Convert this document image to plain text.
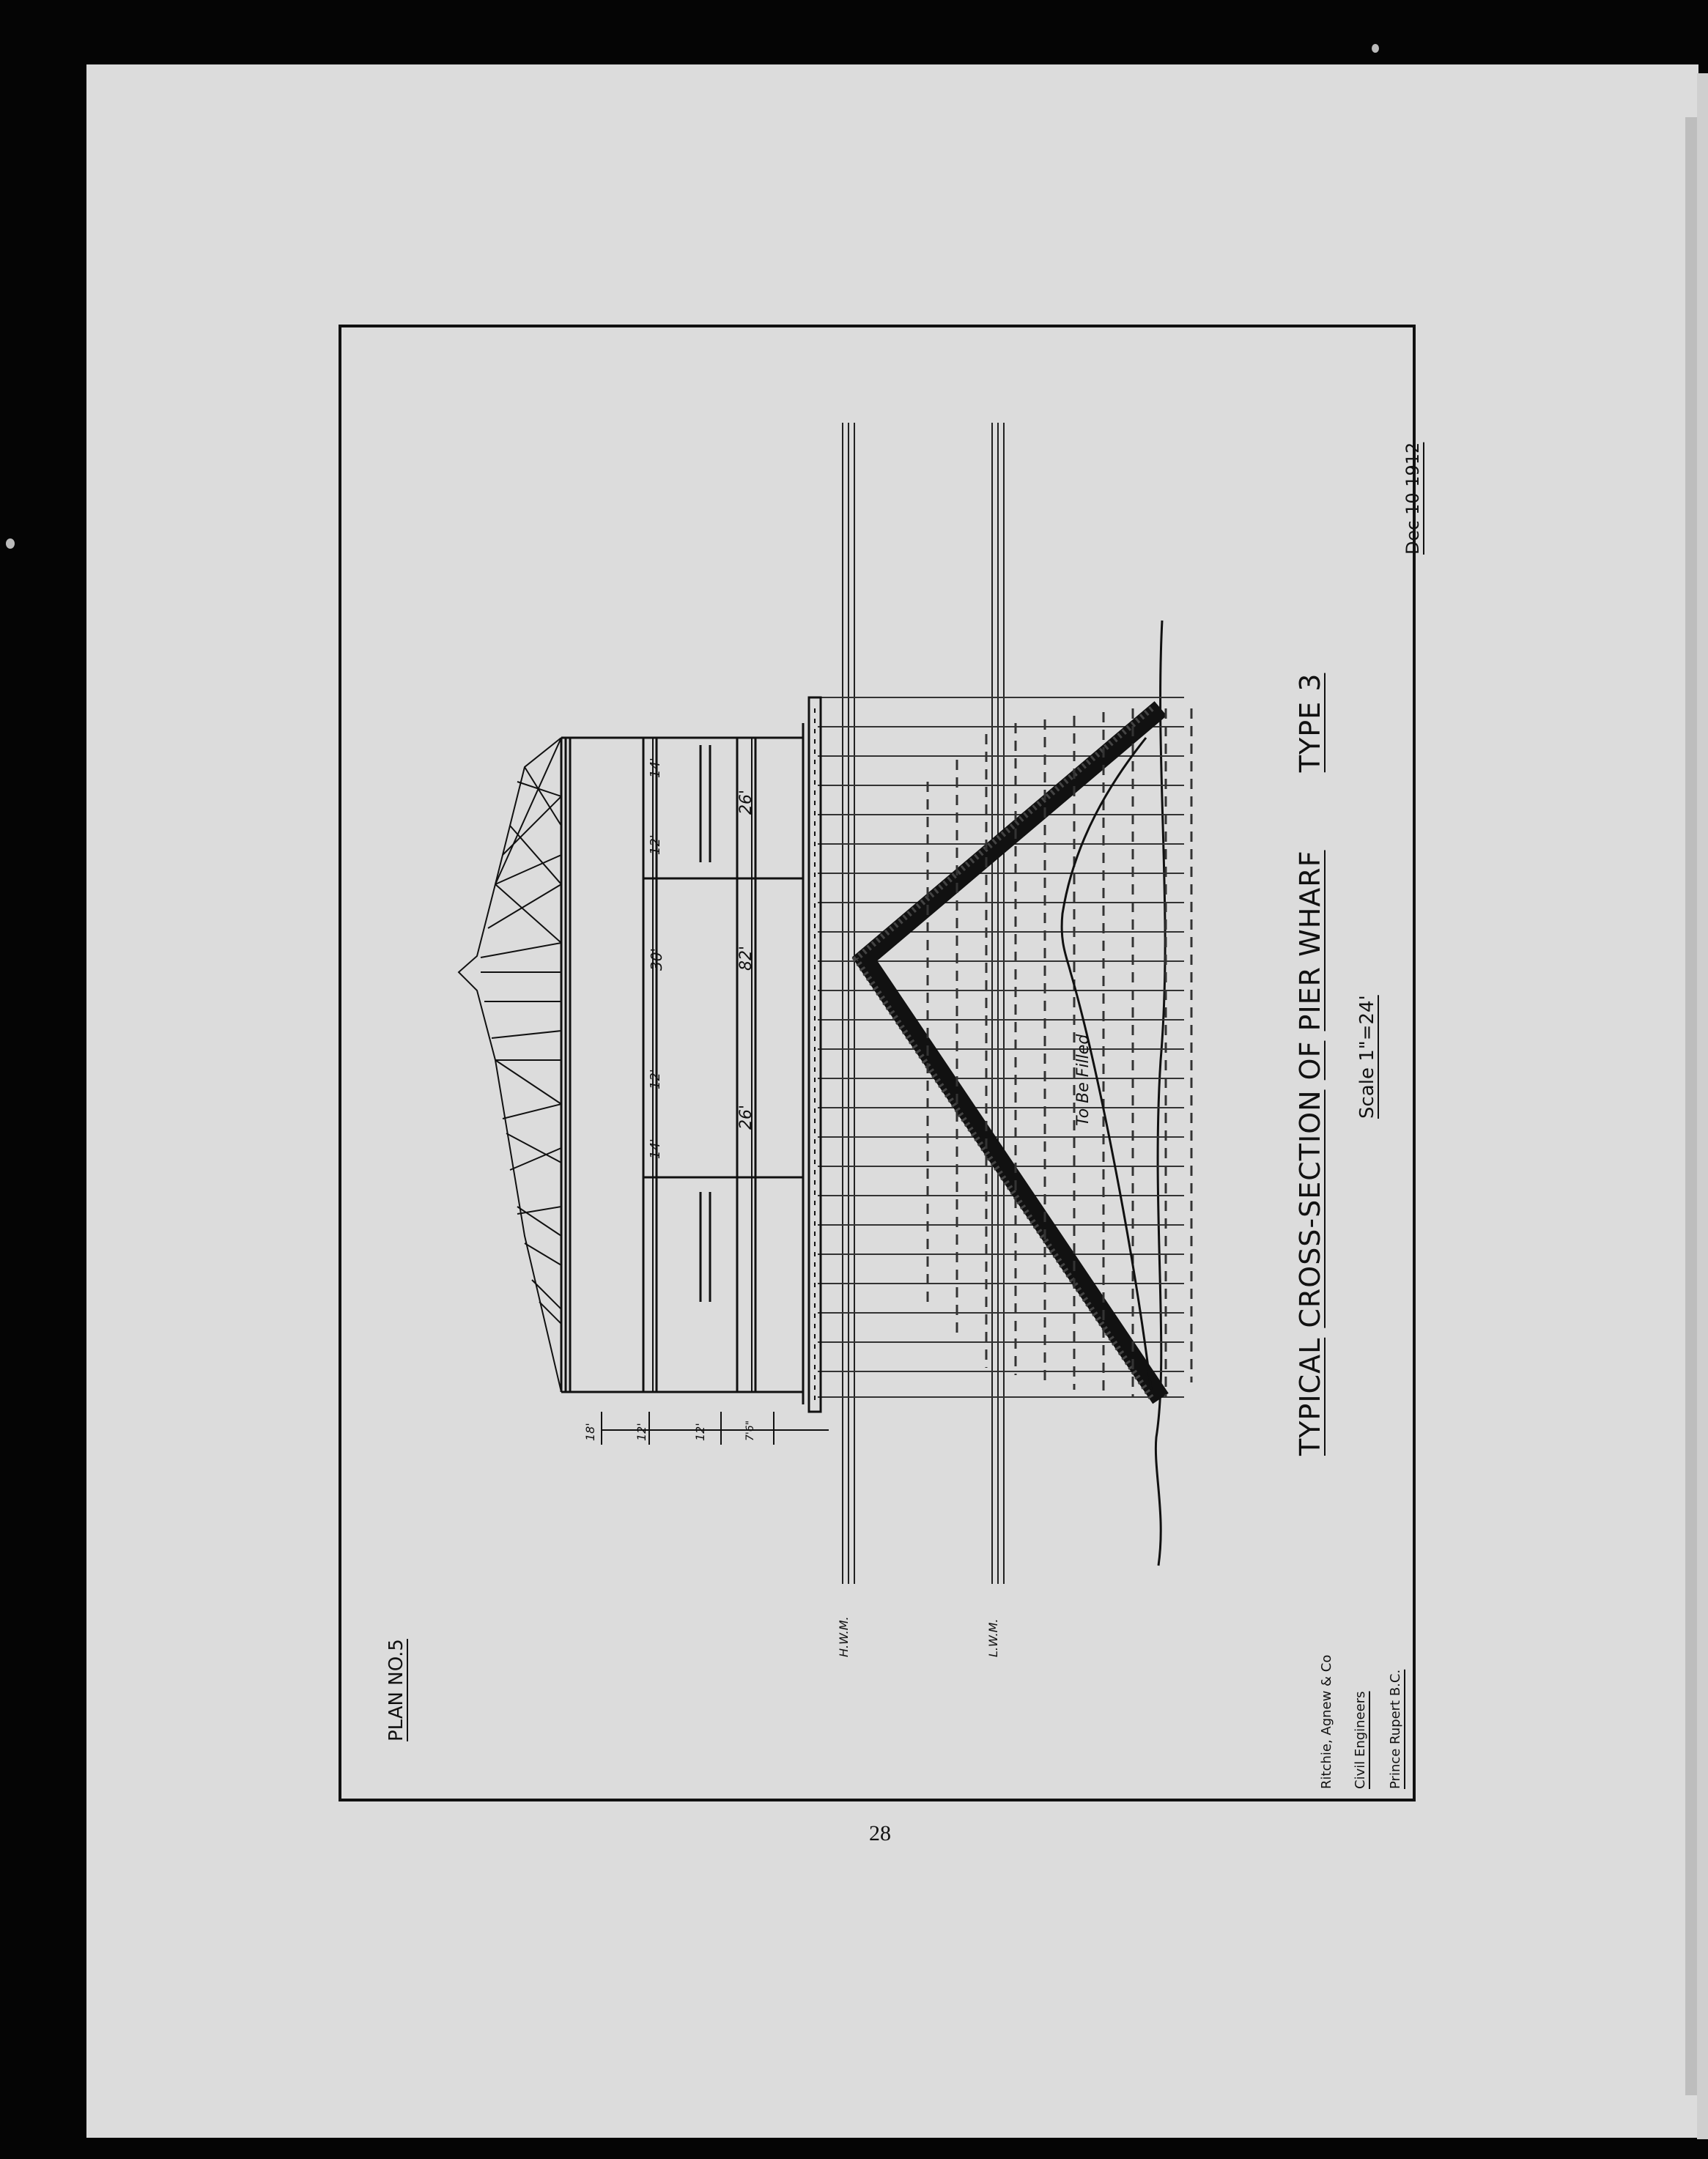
PLAN NO.5
H.W.M.	L.W.M.
TYPICAL CROSS-SECTION OF PIER WHARF  TYPE 3
Scale 1"=24'
Dec 10 1912
Ritchie, Agnew & Co Civil Engineers Prince Rupert B.C.
To Be Filled
82'
26'
26'
30'
12'
12'
14'
14'
18'	12'	12'	7'6"
28
